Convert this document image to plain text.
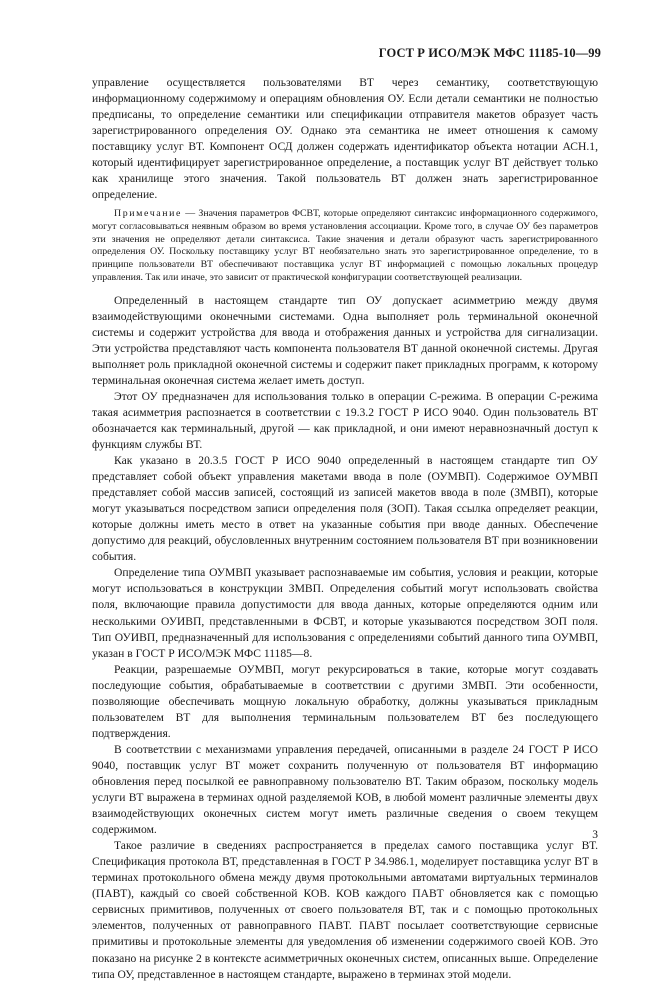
ГОСТ Р ИСО/МЭК МФС 11185-10—99

управление осуществляется пользователями ВТ через семантику, соответствующую информационному содержимому и операциям обновления ОУ. Если детали семантики не полностью предписаны, то определение семантики или спецификации отправителя макетов образует часть зарегистрированного определения ОУ. Однако эта семантика не имеет отношения к самому поставщику услуг ВТ. Компонент ОСД должен содержать идентификатор объекта нотации АСН.1, который идентифицирует зарегистрированное определение, а поставщик услуг ВТ действует только как хранилище этого значения. Такой пользователь ВТ должен знать зарегистрированное определение.

Примечание — Значения параметров ФСВТ, которые определяют синтаксис информационного содержимого, могут согласовываться неявным образом во время установления ассоциации. Кроме того, в случае ОУ без параметров эти значения не определяют детали синтаксиса. Такие значения и детали образуют часть зарегистрированного определения ОУ. Поскольку поставщику услуг ВТ необязательно знать это зарегистрированное определение, то в принципе пользователи ВТ обеспечивают поставщика услуг ВТ информацией с помощью локальных процедур управления. Так или иначе, это зависит от практической конфигурации соответствующей реализации.

Определенный в настоящем стандарте тип ОУ допускает асимметрию между двумя взаимодействующими оконечными системами. Одна выполняет роль терминальной оконечной системы и содержит устройства для ввода и отображения данных и устройства для сигнализации. Эти устройства представляют часть компонента пользователя ВТ данной оконечной системы. Другая выполняет роль прикладной оконечной системы и содержит пакет прикладных программ, к которому терминальная оконечная система желает иметь доступ.

Этот ОУ предназначен для использования только в операции С-режима. В операции С-режима такая асимметрия распознается в соответствии с 19.3.2 ГОСТ Р ИСО 9040. Один пользователь ВТ обозначается как терминальный, другой — как прикладной, и они имеют неравнозначный доступ к функциям службы ВТ.

Как указано в 20.3.5 ГОСТ Р ИСО 9040 определенный в настоящем стандарте тип ОУ представляет собой объект управления макетами ввода в поле (ОУМВП). Содержимое ОУМВП представляет собой массив записей, состоящий из записей макетов ввода в поле (ЗМВП), которые могут указываться посредством записи определения поля (ЗОП). Такая ссылка определяет реакции, которые должны иметь место в ответ на указанные события при вводе данных. Обеспечение допустимо для реакций, обусловленных внутренним состоянием пользователя ВТ при возникновении события.

Определение типа ОУМВП указывает распознаваемые им события, условия и реакции, которые могут использоваться в конструкции ЗМВП. Определения событий могут использовать свойства поля, включающие правила допустимости для ввода данных, которые определяются одним или несколькими ОУИВП, представленными в ФСВТ, и которые указываются посредством ЗОП поля. Тип ОУИВП, предназначенный для использования с определениями событий данного типа ОУМВП, указан в ГОСТ Р ИСО/МЭК МФС 11185—8.

Реакции, разрешаемые ОУМВП, могут рекурсироваться в такие, которые могут создавать последующие события, обрабатываемые в соответствии с другими ЗМВП. Эти особенности, позволяющие обеспечивать мощную локальную обработку, должны указываться прикладным пользователем ВТ для выполнения терминальным пользователем ВТ без последующего подтверждения.

В соответствии с механизмами управления передачей, описанными в разделе 24 ГОСТ Р ИСО 9040, поставщик услуг ВТ может сохранить полученную от пользователя ВТ информацию обновления перед посылкой ее равноправному пользователю ВТ. Таким образом, поскольку модель услуги ВТ выражена в терминах одной разделяемой КОВ, в любой момент различные элементы двух взаимодействующих оконечных систем могут иметь различные сведения о своем текущем содержимом.

Такое различие в сведениях распространяется в пределах самого поставщика услуг ВТ. Спецификация протокола ВТ, представленная в ГОСТ Р 34.986.1, моделирует поставщика услуг ВТ в терминах протокольного обмена между двумя протокольными автоматами виртуальных терминалов (ПАВТ), каждый со своей собственной КОВ. КОВ каждого ПАВТ обновляется как с помощью сервисных примитивов, полученных от своего пользователя ВТ, так и с помощью протокольных элементов, полученных от равноправного ПАВТ. ПАВТ посылает соответствующие сервисные примитивы и протокольные элементы для уведомления об изменении содержимого своей КОВ. Это показано на рисунке 2 в контексте асимметричных оконечных систем, описанных выше. Определение типа ОУ, представленное в настоящем стандарте, выражено в терминах этой модели.

3
